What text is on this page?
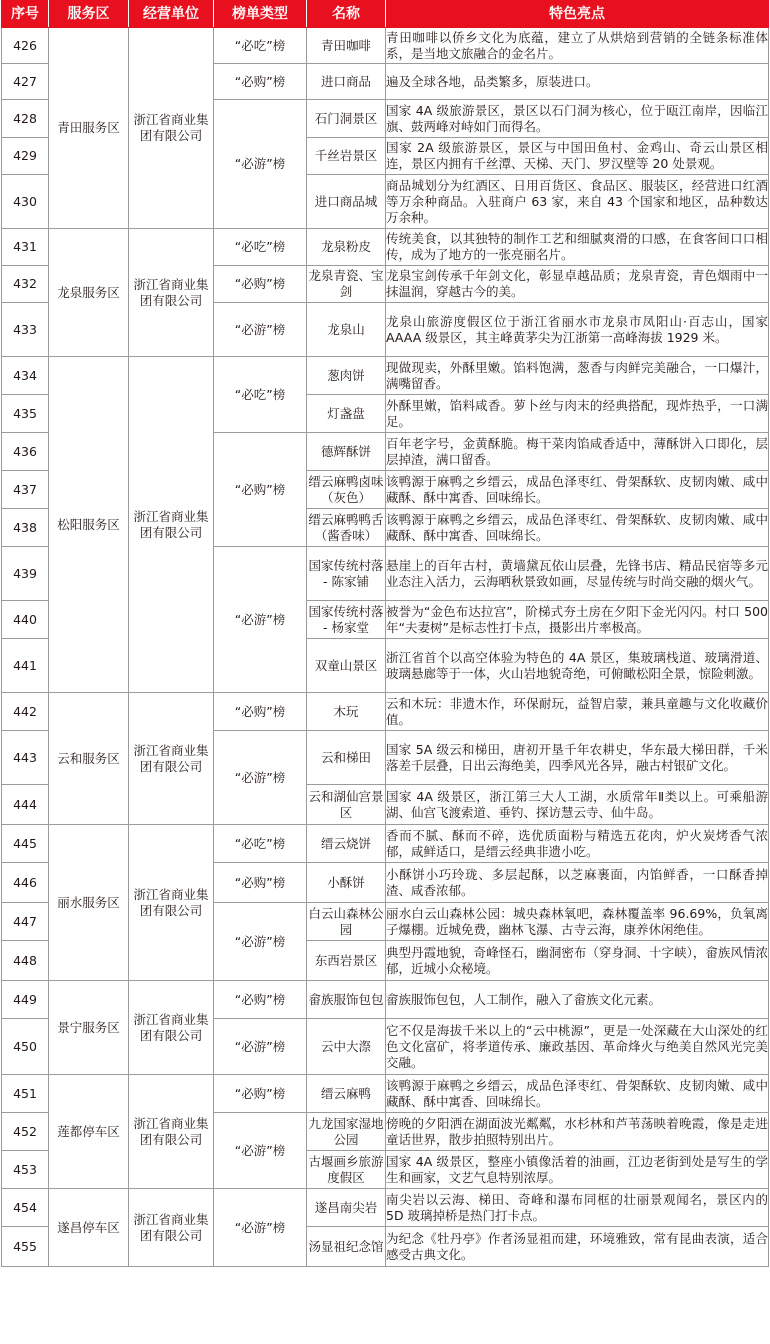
序号	服务区	经营单位	榜单类型	名称	特色亮点
426	青田服务区	浙江省商业集团有限公司	“必吃”榜	青田咖啡	青田咖啡以侨乡文化为底蕴，建立了从烘焙到营销的全链条标准体系，是当地文旅融合的金名片。
427			“必购”榜	进口商品	遍及全球各地，品类繁多，原装进口。
428			“必游”榜	石门洞景区	国家 4A 级旅游景区，景区以石门洞为核心，位于瓯江南岸，因临江旗、鼓两峰对峙如门而得名。
429				千丝岩景区	国家 2A 级旅游景区，景区与中国田鱼村、金鸡山、奇云山景区相连，景区内拥有千丝潭、天梯、天门、罗汉壁等 20 处景观。
430				进口商品城	商品城划分为红酒区、日用百货区、食品区、服装区，经营进口红酒等万余种商品。入驻商户 63 家，来自 43 个国家和地区，品种数达万余种。
431	龙泉服务区	浙江省商业集团有限公司	“必吃”榜	龙泉粉皮	传统美食，以其独特的制作工艺和细腻爽滑的口感，在食客间口口相传，成为了地方的一张亮丽名片。
432			“必购”榜	龙泉青瓷、宝剑	龙泉宝剑传承千年剑文化，彰显卓越品质；龙泉青瓷，青色烟雨中一抹温润，穿越古今的美。
433			“必游”榜	龙泉山	龙泉山旅游度假区位于浙江省丽水市龙泉市凤阳山·百志山，国家 AAAA 级景区，其主峰黄茅尖为江浙第一高峰海拔 1929 米。
434	松阳服务区	浙江省商业集团有限公司	“必吃”榜	葱肉饼	现做现卖，外酥里嫩。馅料饱满，葱香与肉鲜完美融合，一口爆汁，满嘴留香。
435				灯盏盘	外酥里嫩，馅料咸香。萝卜丝与肉末的经典搭配，现炸热乎，一口满足。
436			“必购”榜	德辉酥饼	百年老字号，金黄酥脆。梅干菜肉馅咸香适中，薄酥饼入口即化，层层掉渣，满口留香。
437				缙云麻鸭卤味（灰色）	该鸭源于麻鸭之乡缙云，成品色泽枣红、骨架酥软、皮韧肉嫩、咸中藏酥、酥中寓香、回味绵长。
438				缙云麻鸭鸭舌（酱香味）	该鸭源于麻鸭之乡缙云，成品色泽枣红、骨架酥软、皮韧肉嫩、咸中藏酥、酥中寓香、回味绵长。
439			“必游”榜	国家传统村落 - 陈家铺	悬崖上的百年古村，黄墙黛瓦依山层叠，先锋书店、精品民宿等多元业态注入活力，云海晒秋景致如画，尽显传统与时尚交融的烟火气。
440				国家传统村落 - 杨家堂	被誉为“金色布达拉宫”，阶梯式夯土房在夕阳下金光闪闪。村口 500 年“夫妻树”是标志性打卡点，摄影出片率极高。
441				双童山景区	浙江省首个以高空体验为特色的 4A 景区，集玻璃栈道、玻璃滑道、玻璃悬廊等于一体，火山岩地貌奇绝，可俯瞰松阳全景，惊险刺激。
442	云和服务区	浙江省商业集团有限公司	“必购”榜	木玩	云和木玩：非遗木作，环保耐玩，益智启蒙，兼具童趣与文化收藏价值。
443			“必游”榜	云和梯田	国家 5A 级云和梯田，唐初开垦千年农耕史，华东最大梯田群，千米落差千层叠，日出云海绝美，四季风光各异，融古村银矿文化。
444				云和湖仙宫景区	国家 4A 级景区，浙江第三大人工湖，水质常年Ⅱ类以上。可乘船游湖、仙宫飞渡索道、垂钓、探访慧云寺、仙牛岛。
445	丽水服务区	浙江省商业集团有限公司	“必吃”榜	缙云烧饼	香而不腻、酥而不碎，选优质面粉与精选五花肉，炉火炭烤香气浓郁，咸鲜适口，是缙云经典非遗小吃。
446			“必购”榜	小酥饼	小酥饼小巧玲珑、多层起酥，以芝麻裹面，内馅鲜香，一口酥香掉渣、咸香浓郁。
447			“必游”榜	白云山森林公园	丽水白云山森林公园：城央森林氧吧，森林覆盖率 96.69%，负氧离子爆棚。近城免费，幽林飞瀑、古寺云海，康养休闲绝佳。
448				东西岩景区	典型丹霞地貌，奇峰怪石，幽洞密布（穿身洞、十字峡），畲族风情浓郁，近城小众秘境。
449	景宁服务区	浙江省商业集团有限公司	“必购”榜	畲族服饰包包	畲族服饰包包，人工制作，融入了畲族文化元素。
450			“必游”榜	云中大漈	它不仅是海拔千米以上的“云中桃源”，更是一处深藏在大山深处的红色文化富矿，将孝道传承、廉政基因、革命烽火与绝美自然风光完美交融。
451	莲都停车区	浙江省商业集团有限公司	“必购”榜	缙云麻鸭	该鸭源于麻鸭之乡缙云，成品色泽枣红、骨架酥软、皮韧肉嫩、咸中藏酥、酥中寓香、回味绵长。
452			“必游”榜	九龙国家湿地公园	傍晚的夕阳洒在湖面波光粼粼，水杉林和芦苇荡映着晚霞，像是走进童话世界，散步拍照特别出片。
453				古堰画乡旅游度假区	国家 4A 级景区，整座小镇像活着的油画，江边老街到处是写生的学生和画家，文艺气息特别浓厚。
454	遂昌停车区	浙江省商业集团有限公司	“必游”榜	遂昌南尖岩	南尖岩以云海、梯田、奇峰和瀑布同框的壮丽景观闻名，景区内的 5D 玻璃掉桥是热门打卡点。
455				汤显祖纪念馆	为纪念《牡丹亭》作者汤显祖而建，环境雅致，常有昆曲表演，适合感受古典文化。
